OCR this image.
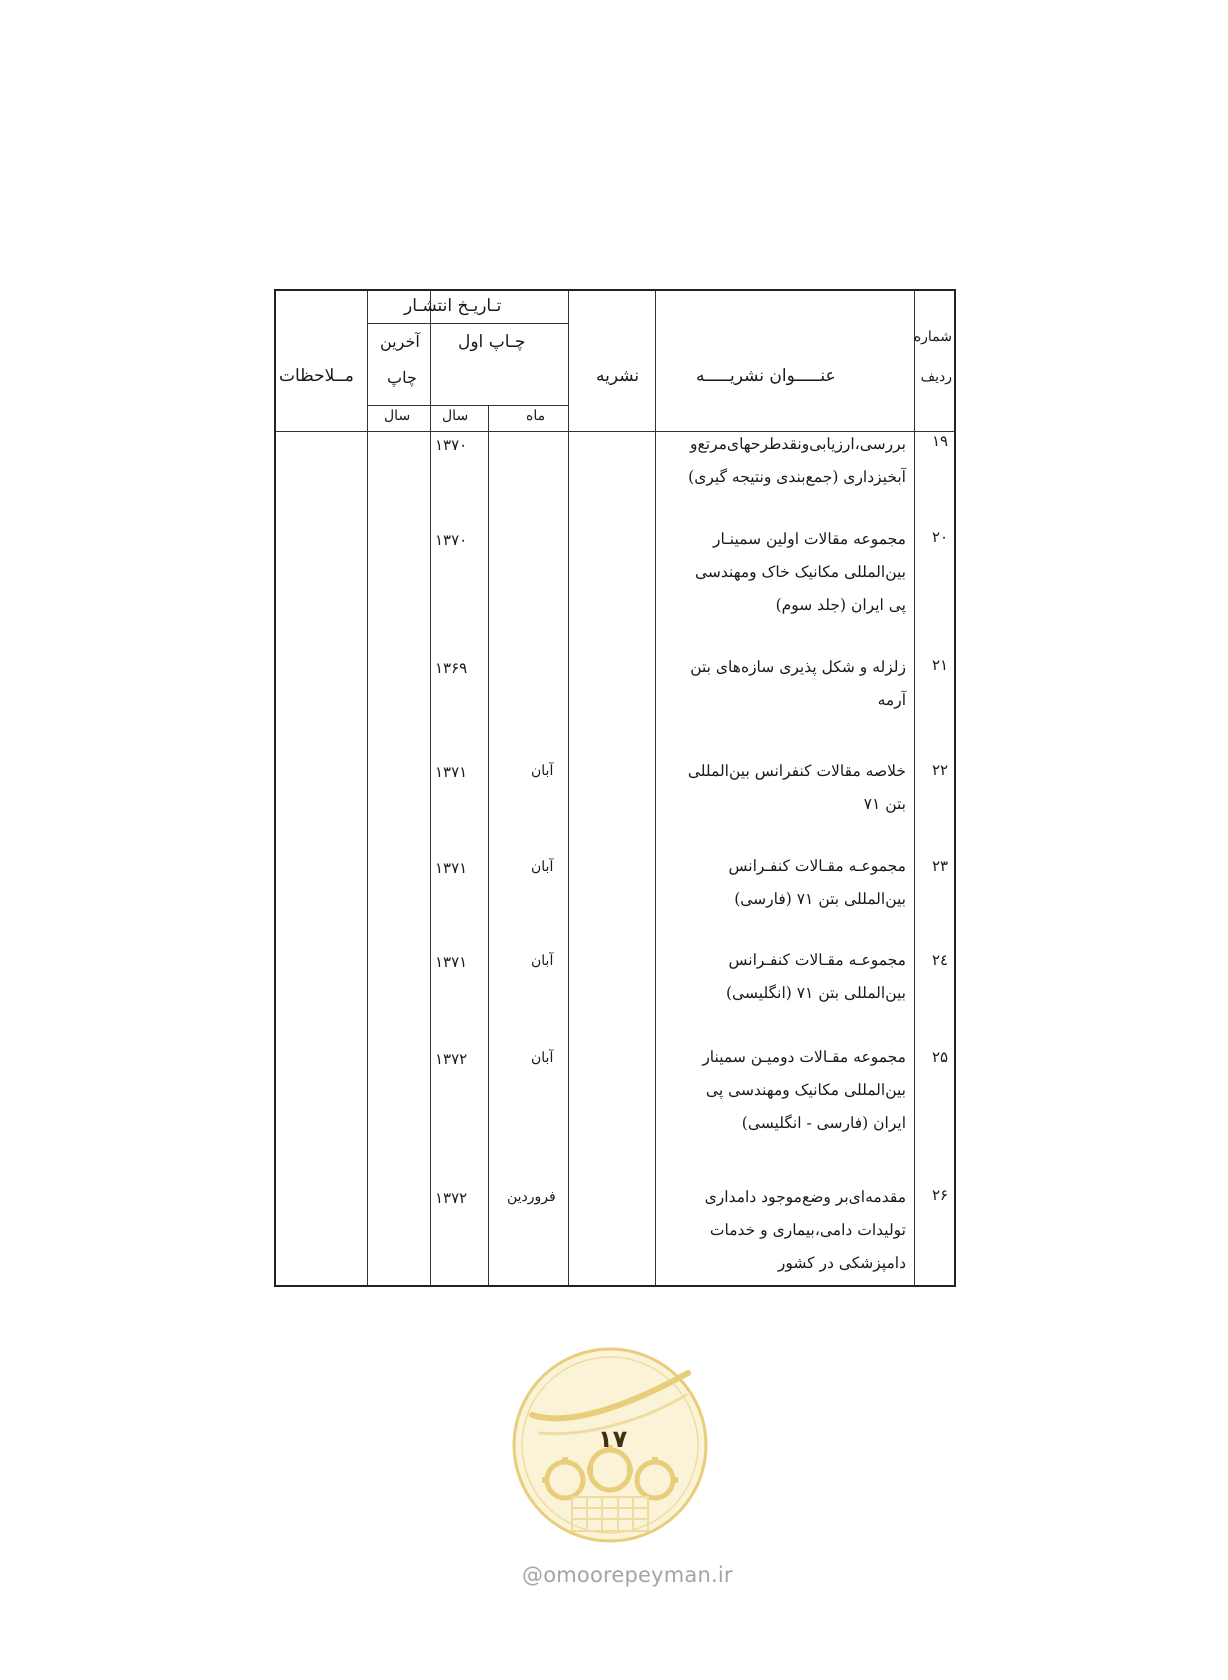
شماره
ردیف
عنـــــوان نشریـــــه
نشریه
تـاریـخ انتشـار
چـاپ اول
آخرین
چاپ
مــلاحظات
ماه
سال
سال
۱۹
بررسی،ارزیابی‌ونقدطرحهای‌مرتع‌و
آبخیزداری (جمع‌بندی ونتیجه گیری)
۱۳۷۰
۲۰
مجموعه مقالات اولین سمینـار
بین‌المللی مکانیک خاک ومهندسی
پی ایران (جلد سوم)
۱۳۷۰
۲۱
زلزله و شکل پذیری سازه‌های بتن
آرمه
۱۳۶۹
۲۲
خلاصه مقالات کنفرانس بین‌المللی
بتن ۷۱
آبان
۱۳۷۱
۲۳
مجموعـه مقـالات کنفـرانس
بین‌المللی بتن ۷۱ (فارسی)
آبان
۱۳۷۱
۲٤
مجموعـه مقـالات کنفـرانس
بین‌المللی بتن ۷۱ (انگلیسی)
آبان
۱۳۷۱
۲۵
مجموعه مقـالات دومیـن سمینار
بین‌المللی مکانیک ومهندسی پی
ایران (فارسی - انگلیسی)
آبان
۱۳۷۲
۲۶
مقدمه‌ای‌بر وضع‌موجود دامداری
تولیدات دامی،بیماری و خدمات
دامپزشکی در کشور
فروردین
۱۳۷۲
۱۷
@omoorepeyman.ir
